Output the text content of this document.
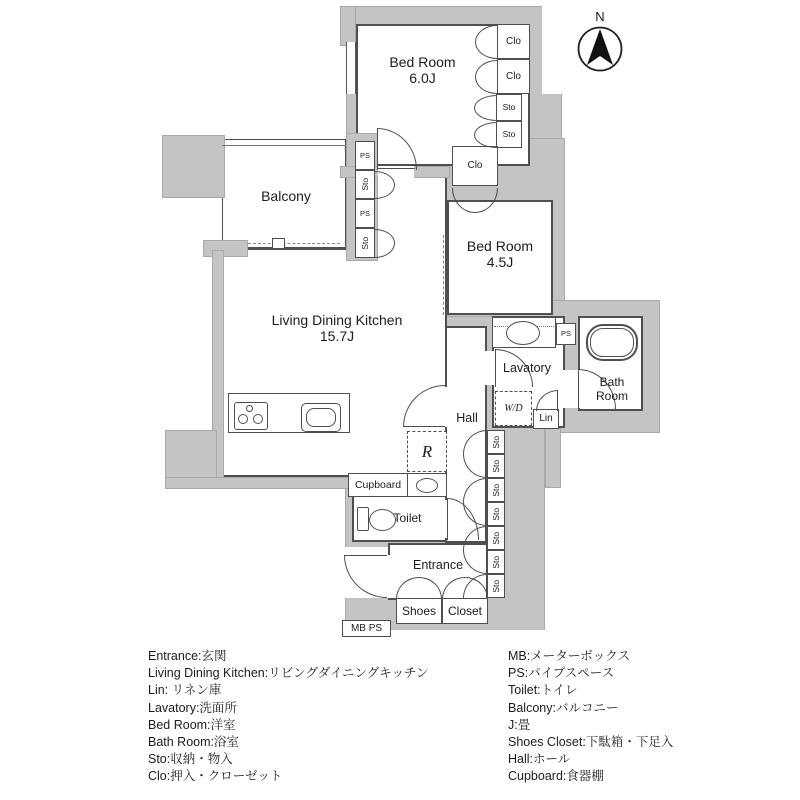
Clo
Clo
Sto
Sto
PS
Sto
PS
Sto
Clo
Sto
Sto
Sto
Sto
Sto
Sto
Sto
PS
W/D
Lin
R
Cupboard
Shoes Closet
MB PS
N
Bed Room
6.0J
Balcony
Living Dining Kitchen
15.7J
Bed Room
4.5J
Hall
Lavatory
Bath
Room
Toilet
Entrance
Entrance:玄関
Living Dining Kitchen:リビングダイニングキッチン
Lin: リネン庫
Lavatory:洗面所
Bed Room:洋室
Bath Room:浴室
Sto:収納・物入
Clo:押入・クローゼット
MB:メーターボックス
PS:パイプスペース
Toilet:トイレ
Balcony:バルコニー
J:畳
Shoes Closet:下駄箱・下足入
Hall:ホール
Cupboard:食器棚
